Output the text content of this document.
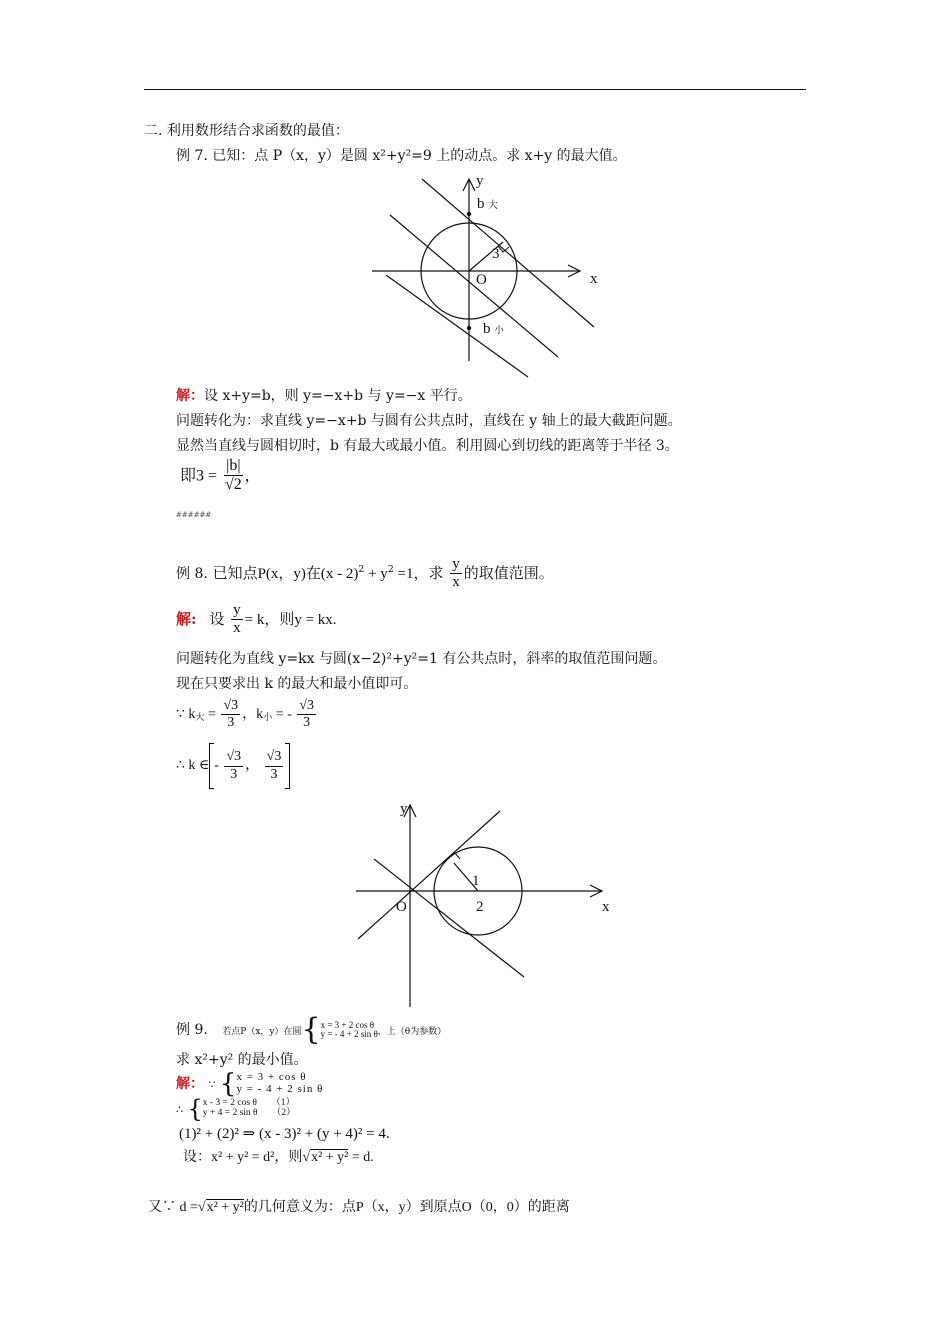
二. 利用数形结合求函数的最值：
例 7. 已知：点 P（x，y）是圆 x²+y²=9 上的动点。求 x+y 的最大值。
y
x
O
3
b 大
b 小
解：设 x+y=b，则 y=−x+b 与 y=−x 平行。
问题转化为：求直线 y=−x+b 与圆有公共点时，直线在 y 轴上的最大截距问题。
显然当直线与圆相切时，b 有最大或最小值。利用圆心到切线的距离等于半径 3。
即$3 = \frac{|b|}{√2}$ ，
######
例 8. 已知点P(x，y)在$(x - 2)^2 + y^2 =1$，求 $\frac{y}{x}$ 的取值范围。
解: 设 $\frac{y}{x} = k$，则y = kx.
问题转化为直线 y=kx 与圆(x−2)²+y²=1 有公共点时，斜率的取值范围问题。
现在只要求出 k 的最大和最小值即可。
∵ $k_大 = \frac{√3}{3}$ ，$k_小$ = - $\frac{√3}{3}$
∴ k ∈ - $\frac{√3}{3}$ ， $\frac{√3}{3}$
y
x
O
1
2
例 9. 若点P（x，y）在圆{ x = 3 + 2 cos θ
y = - 4 + 2 sin θ ，上（θ为参数）
求 x²+y² 的最小值。
解： ∵ { x = 3 + cos θ
y = - 4 + 2 sin θ
∴ { x - 3 = 2 cos θ      （1）
y + 4 = 2 sin θ      （2）
(1)² + (2)² ⇒ (x - 3)² + (y + 4)² = 4.
设：x² + y² = d²，则√x² + y² = d.
又∵ d =√x² + y²的几何意义为：点P（x，y）到原点O（0，0）的距离
